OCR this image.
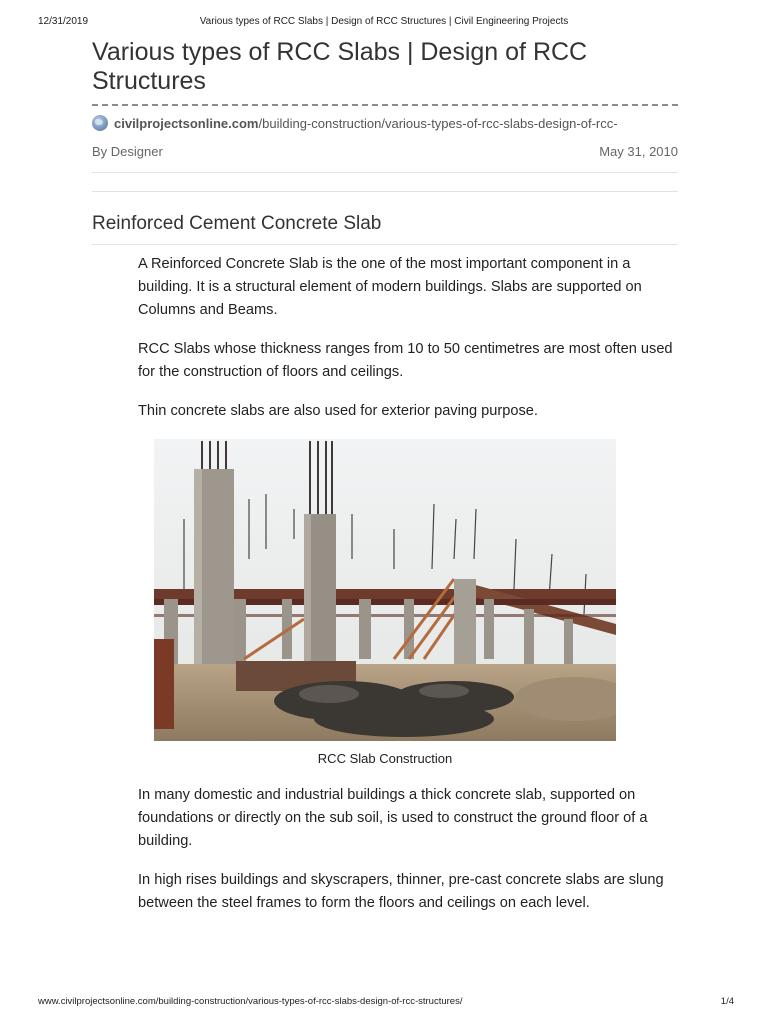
12/31/2019	Various types of RCC Slabs | Design of RCC Structures | Civil Engineering Projects
Various types of RCC Slabs | Design of RCC Structures
civilprojectsonline.com /building-construction/various-types-of-rcc-slabs-design-of-rcc-
By Designer	May 31, 2010
Reinforced Cement Concrete Slab

A Reinforced Concrete Slab is the one of the most important component in a building. It is a structural element of modern buildings. Slabs are supported on Columns and Beams.

RCC Slabs whose thickness ranges from 10 to 50 centimetres are most often used for the construction of floors and ceilings.

Thin concrete slabs are also used for exterior paving purpose.

RCC Slab Construction

In many domestic and industrial buildings a thick concrete slab, supported on foundations or directly on the sub soil, is used to construct the ground floor of a building.

In high rises buildings and skyscrapers, thinner, pre-cast concrete slabs are slung between the steel frames to form the floors and ceilings on each level.

www.civilprojectsonline.com/building-construction/various-types-of-rcc-slabs-design-of-rcc-structures/	1/4
